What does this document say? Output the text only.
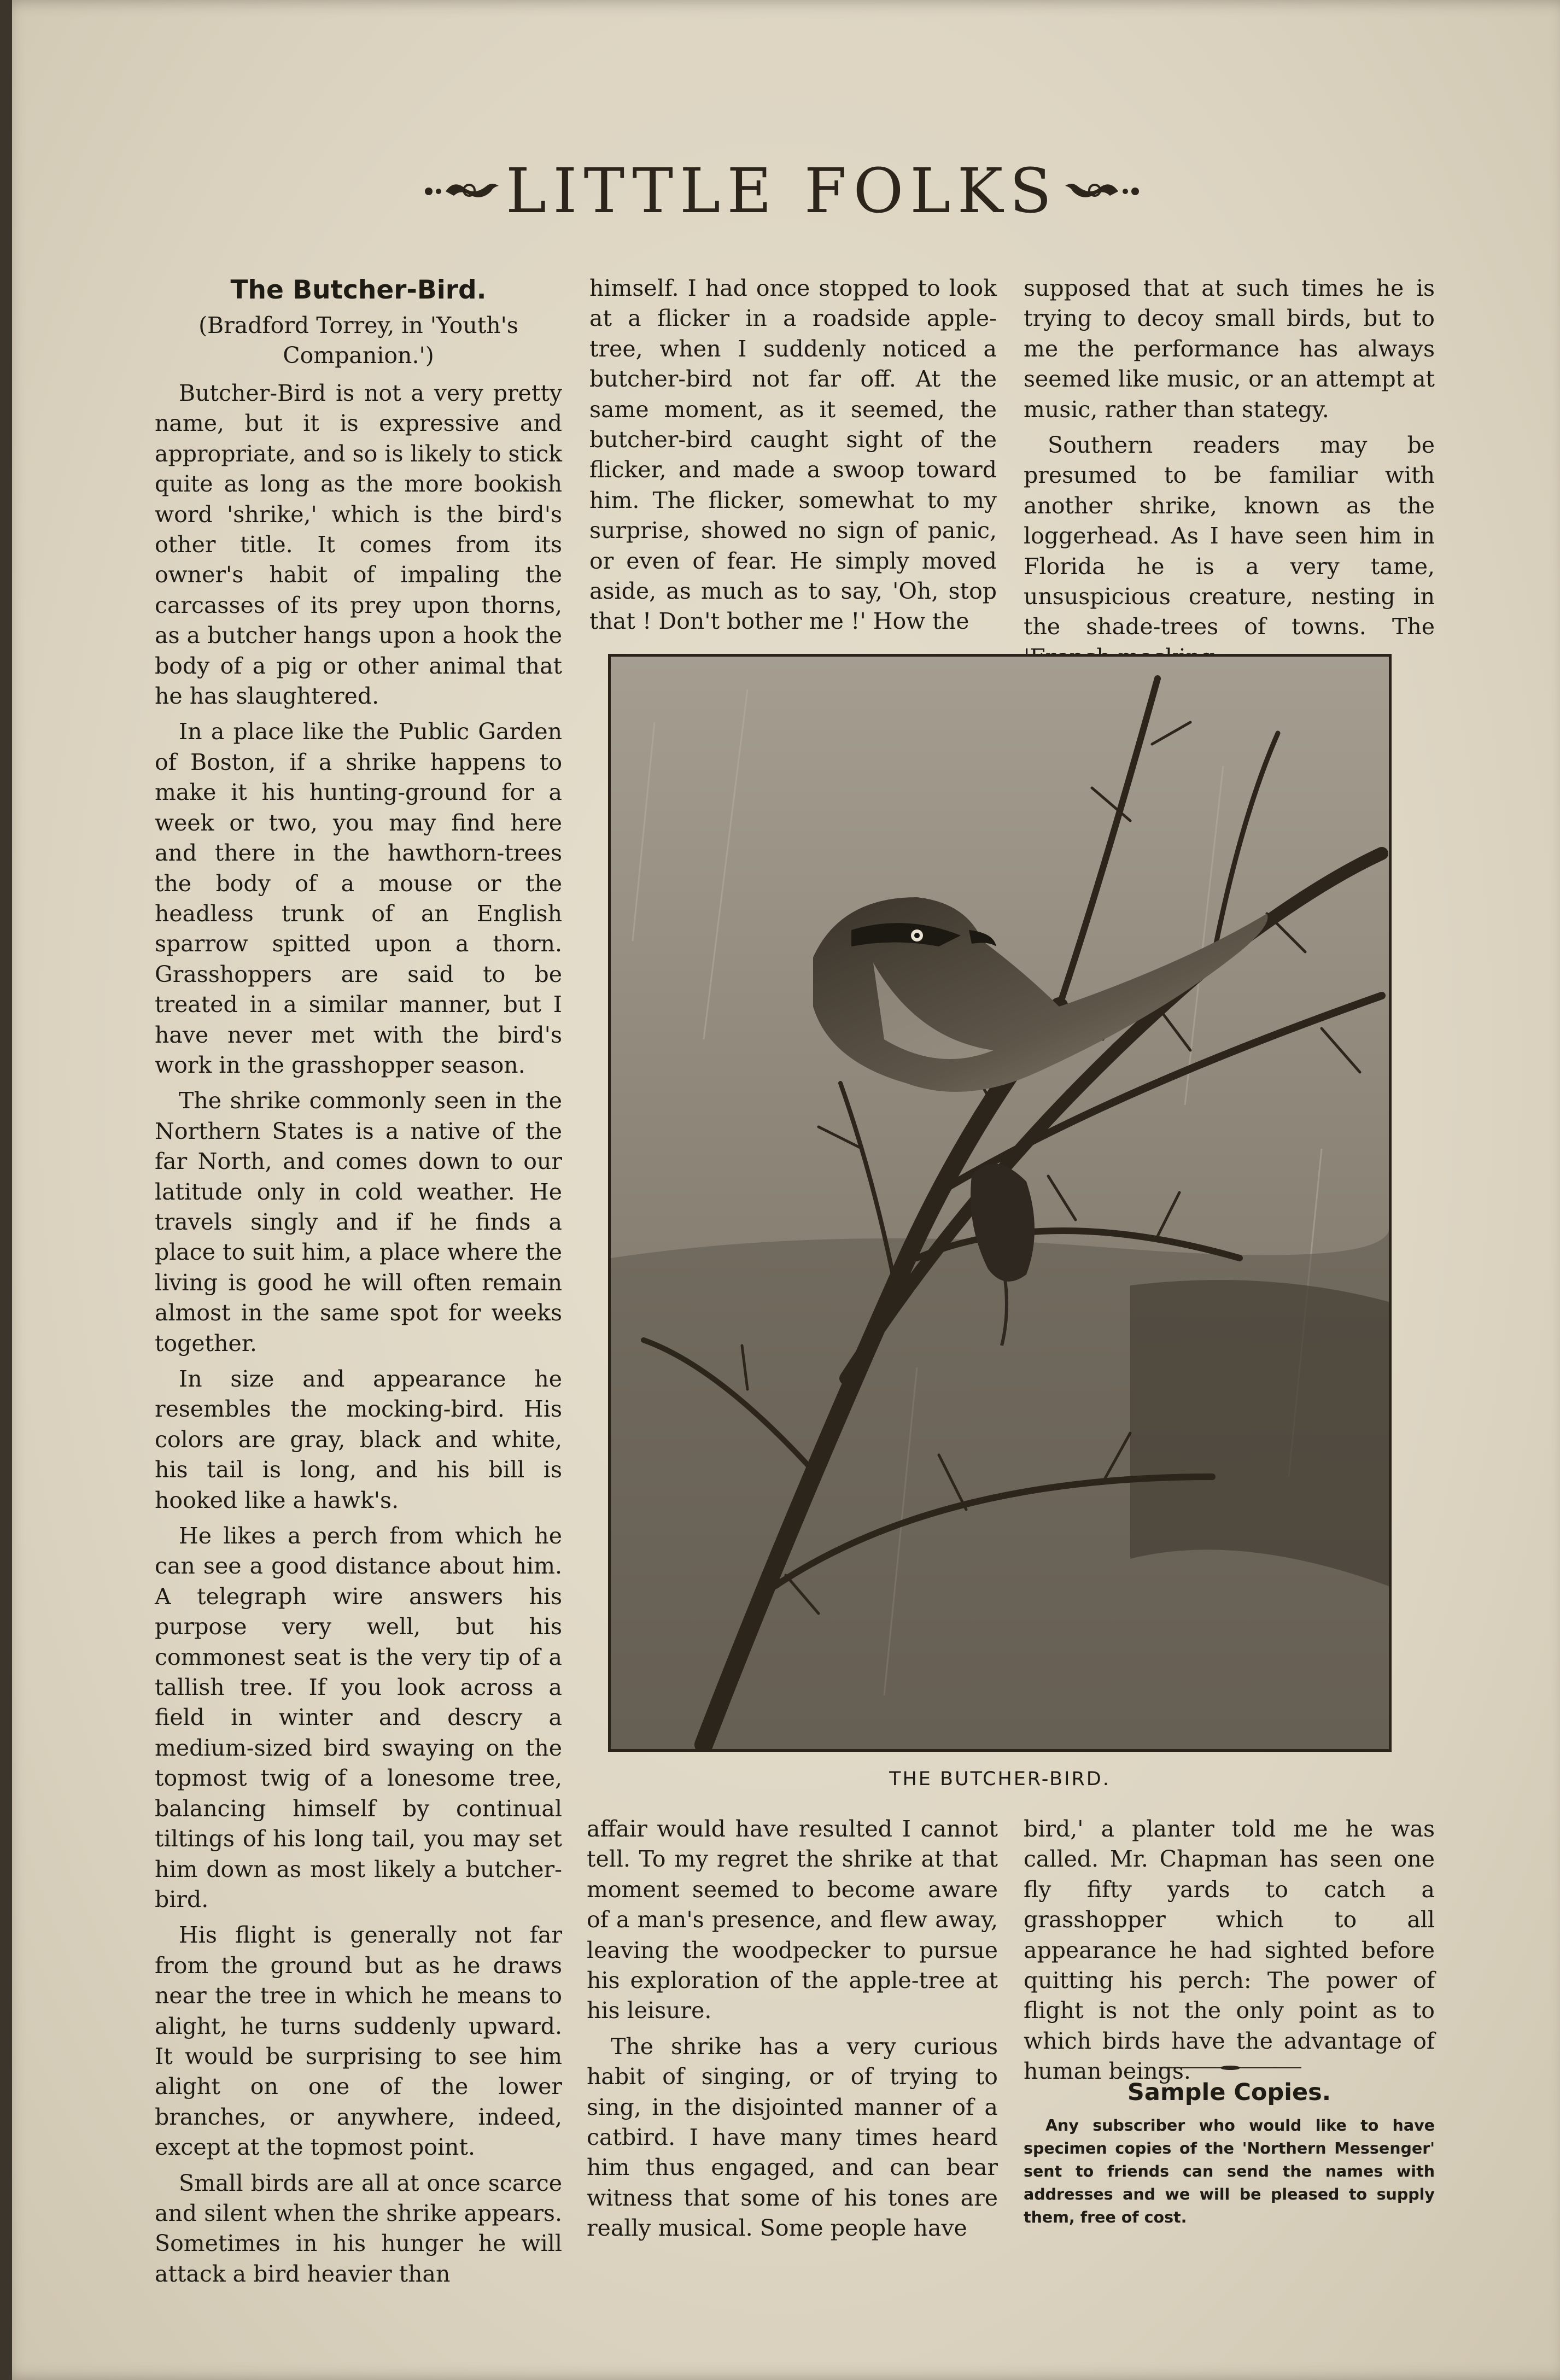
LITTLE FOLKS
The Butcher-Bird.
(Bradford Torrey, in 'Youth's Companion.')

Butcher-Bird is not a very pretty name, but it is expressive and appropriate, and so is likely to stick quite as long as the more bookish word 'shrike,' which is the bird's other title. It comes from its owner's habit of impaling the carcasses of its prey upon thorns, as a butcher hangs upon a hook the body of a pig or other animal that he has slaughtered.

In a place like the Public Garden of Boston, if a shrike happens to make it his hunting-ground for a week or two, you may find here and there in the hawthorn-trees the body of a mouse or the headless trunk of an English sparrow spitted upon a thorn. Grasshoppers are said to be treated in a similar manner, but I have never met with the bird's work in the grasshopper season.

The shrike commonly seen in the Northern States is a native of the far North, and comes down to our latitude only in cold weather. He travels singly and if he finds a place to suit him, a place where the living is good he will often remain almost in the same spot for weeks together.

In size and appearance he resembles the mocking-bird. His colors are gray, black and white, his tail is long, and his bill is hooked like a hawk's.

He likes a perch from which he can see a good distance about him. A telegraph wire answers his purpose very well, but his commonest seat is the very tip of a tallish tree. If you look across a field in winter and descry a medium-sized bird swaying on the topmost twig of a lonesome tree, balancing himself by continual tiltings of his long tail, you may set him down as most likely a butcher-bird.

His flight is generally not far from the ground but as he draws near the tree in which he means to alight, he turns suddenly upward. It would be surprising to see him alight on one of the lower branches, or anywhere, indeed, except at the topmost point.

Small birds are all at once scarce and silent when the shrike appears. Sometimes in his hunger he will attack a bird heavier than

himself. I had once stopped to look at a flicker in a roadside apple-tree, when I suddenly noticed a butcher-bird not far off. At the same moment, as it seemed, the butcher-bird caught sight of the flicker, and made a swoop toward him. The flicker, somewhat to my surprise, showed no sign of panic, or even of fear. He simply moved aside, as much as to say, 'Oh, stop that ! Don't bother me !' How the

supposed that at such times he is trying to decoy small birds, but to me the performance has always seemed like music, or an attempt at music, rather than stategy.

Southern readers may be presumed to be familiar with another shrike, known as the loggerhead. As I have seen him in Florida he is a very tame, unsuspicious creature, nesting in the shade-trees of towns. The

THE BUTCHER-BIRD.

affair would have resulted I cannot tell. To my regret the shrike at that moment seemed to become aware of a man's presence, and flew away, leaving the woodpecker to pursue his exploration of the apple-tree at his leisure.

The shrike has a very curious habit of singing, or of trying to sing, in the disjointed manner of a catbird. I have many times heard him thus engaged, and can bear witness that some of his tones are really musical. Some people have

bird,' a planter told me he was called. Mr. Chapman has seen one fly fifty yards to catch a grasshopper which to all appearance he had sighted before quitting his perch: The power of flight is not the only point as to which birds have the advantage of human beings.

Sample Copies.
Any subscriber who would like to have specimen copies of the 'Northern Messenger' sent to friends can send the names with addresses and we will be pleased to supply them, free of cost.
